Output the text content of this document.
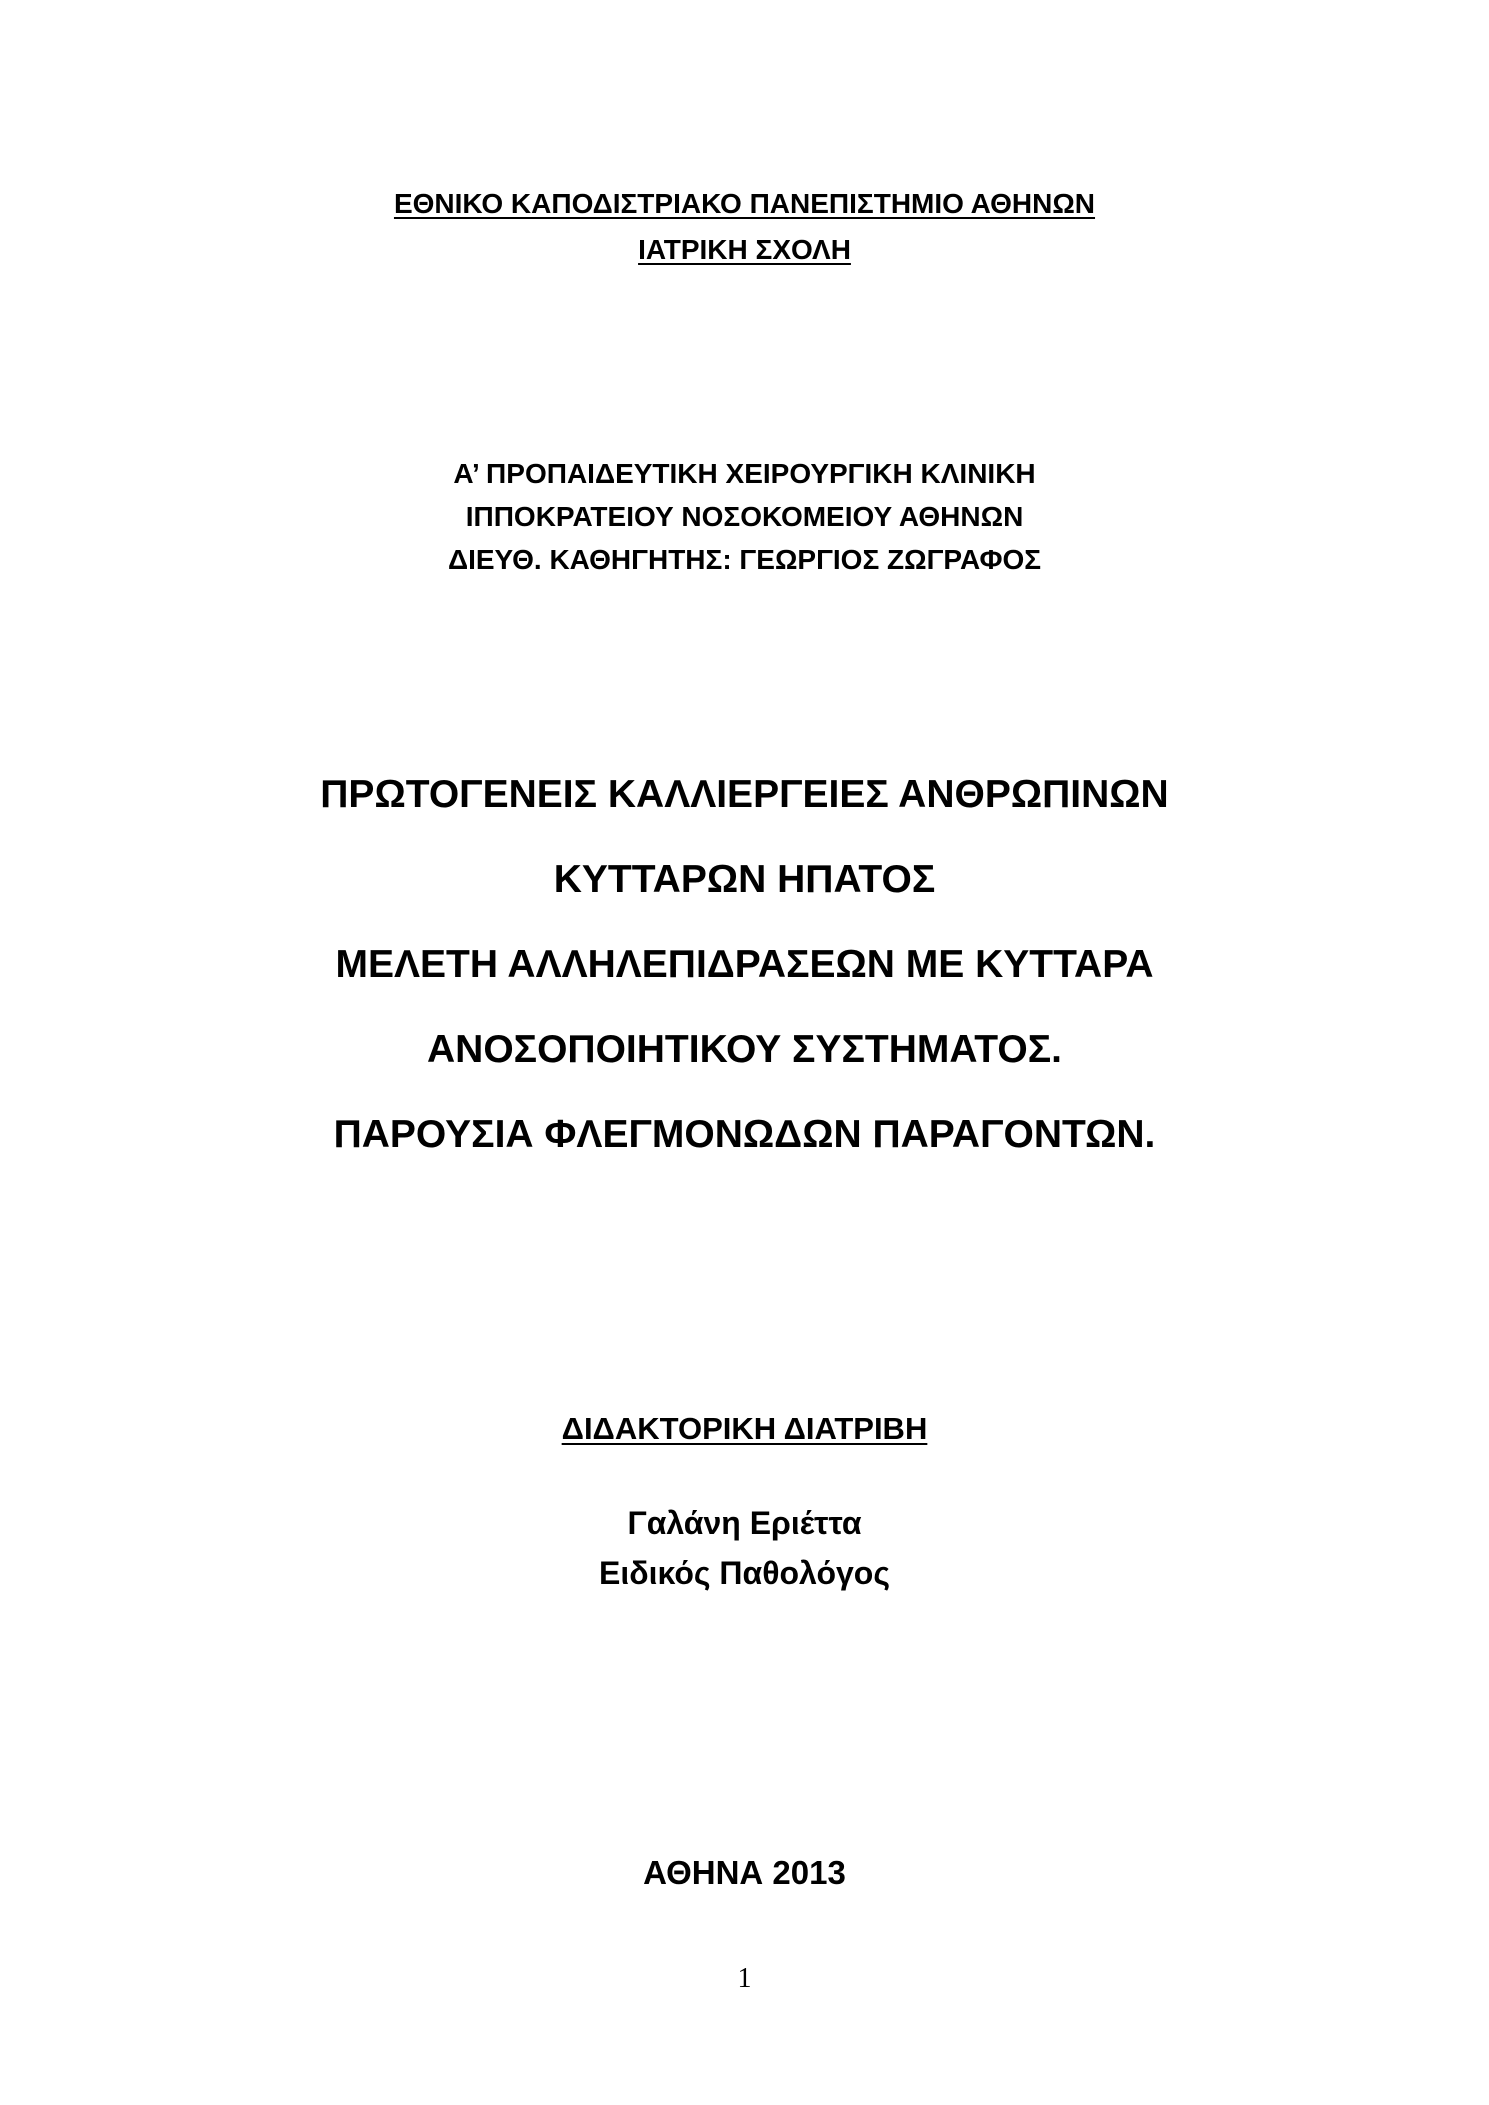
ΕΘΝΙΚΟ ΚΑΠΟΔΙΣΤΡΙΑΚΟ ΠΑΝΕΠΙΣΤΗΜΙΟ ΑΘΗΝΩΝ
ΙΑΤΡΙΚΗ ΣΧΟΛΗ
Α’ ΠΡΟΠΑΙΔΕΥΤΙΚΗ ΧΕΙΡΟΥΡΓΙΚΗ ΚΛΙΝΙΚΗ
ΙΠΠΟΚΡΑΤΕΙΟΥ ΝΟΣΟΚΟΜΕΙΟΥ ΑΘΗΝΩΝ
ΔΙΕΥΘ. ΚΑΘΗΓΗΤΗΣ: ΓΕΩΡΓΙΟΣ ΖΩΓΡΑΦΟΣ
ΠΡΩΤΟΓΕΝΕΙΣ ΚΑΛΛΙΕΡΓΕΙΕΣ ΑΝΘΡΩΠΙΝΩΝ
ΚΥΤΤΑΡΩΝ ΗΠΑΤΟΣ
ΜΕΛΕΤΗ ΑΛΛΗΛΕΠΙΔΡΑΣΕΩΝ ΜΕ ΚΥΤΤΑΡΑ
ΑΝΟΣΟΠΟΙΗΤΙΚΟΥ ΣΥΣΤΗΜΑΤΟΣ.
ΠΑΡΟΥΣΙΑ ΦΛΕΓΜΟΝΩΔΩΝ ΠΑΡΑΓΟΝΤΩΝ.
ΔΙΔΑΚΤΟΡΙΚΗ ΔΙΑΤΡΙΒΗ
Γαλάνη Εριέττα
Ειδικός Παθολόγος
ΑΘΗΝΑ 2013
1
